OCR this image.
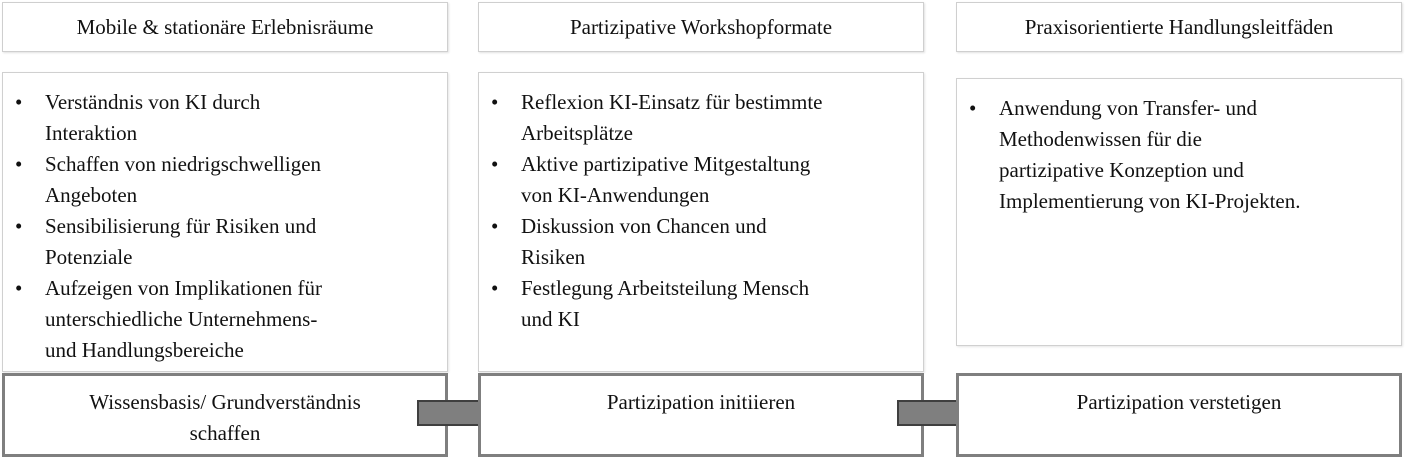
Mobile & stationäre Erlebnisräume
• Verständnis von KI durch
Interaktion
• Schaffen von niedrigschwelligen
Angeboten
• Sensibilisierung für Risiken und
Potenziale
• Aufzeigen von Implikationen für
unterschiedliche Unternehmens-
und Handlungsbereiche
Wissensbasis/ Grundverständnis
schaffen
Partizipative Workshopformate
• Reflexion KI-Einsatz für bestimmte
Arbeitsplätze
• Aktive partizipative Mitgestaltung
von KI-Anwendungen
• Diskussion von Chancen und
Risiken
• Festlegung Arbeitsteilung Mensch
und KI
Partizipation initiieren
Praxisorientierte Handlungsleitfäden
• Anwendung von Transfer- und
Methodenwissen für die
partizipative Konzeption und
Implementierung von KI-Projekten.
Partizipation verstetigen
